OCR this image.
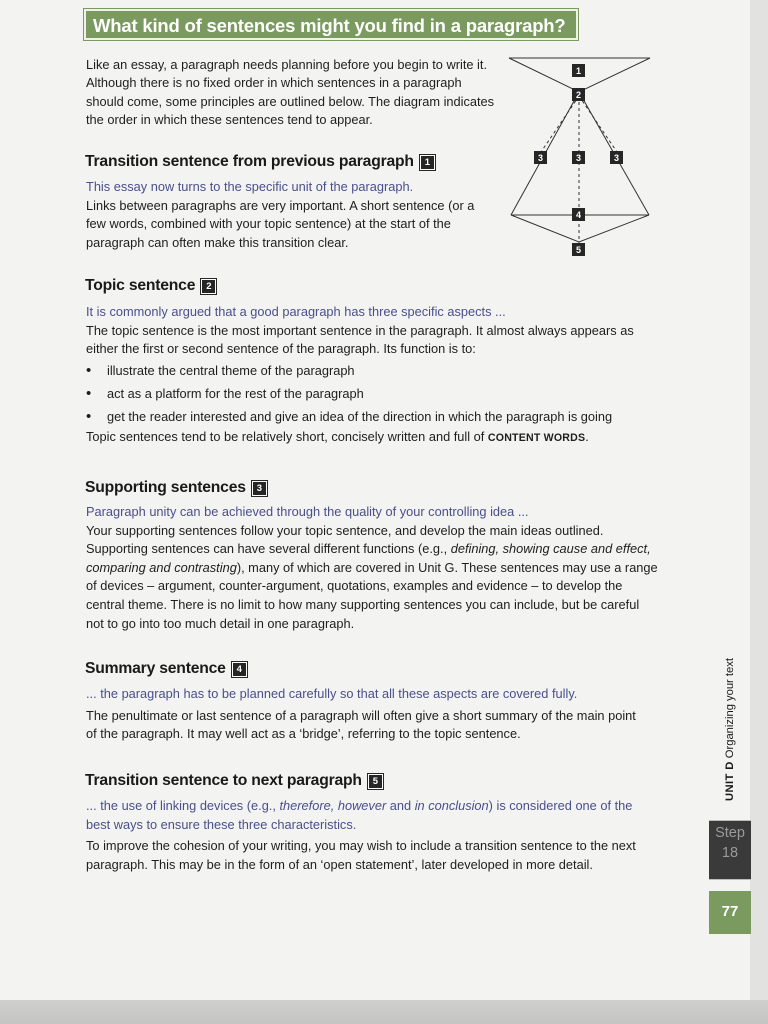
What kind of sentences might you find in a paragraph?
Like an essay, a paragraph needs planning before you begin to write it. Although there is no fixed order in which sentences in a paragraph should come, some principles are outlined below. The diagram indicates the order in which these sentences tend to appear.
1
2
3	3	3
4
5
Transition sentence from previous paragraph 1
This essay now turns to the specific unit of the paragraph.
Links between paragraphs are very important. A short sentence (or a few words, combined with your topic sentence) at the start of the paragraph can often make this transition clear.
Topic sentence 2
It is commonly argued that a good paragraph has three specific aspects ...
The topic sentence is the most important sentence in the paragraph. It almost always appears as either the first or second sentence of the paragraph. Its function is to:
• illustrate the central theme of the paragraph
• act as a platform for the rest of the paragraph
• get the reader interested and give an idea of the direction in which the paragraph is going
Topic sentences tend to be relatively short, concisely written and full of CONTENT WORDS.
Supporting sentences 3
Paragraph unity can be achieved through the quality of your controlling idea ...
Your supporting sentences follow your topic sentence, and develop the main ideas outlined. Supporting sentences can have several different functions (e.g., defining, showing cause and effect, comparing and contrasting), many of which are covered in Unit G. These sentences may use a range of devices – argument, counter-argument, quotations, examples and evidence – to develop the central theme. There is no limit to how many supporting sentences you can include, but be careful not to go into too much detail in one paragraph.
Summary sentence 4
... the paragraph has to be planned carefully so that all these aspects are covered fully.
The penultimate or last sentence of a paragraph will often give a short summary of the main point of the paragraph. It may well act as a ‘bridge’, referring to the topic sentence.
Transition sentence to next paragraph 5
... the use of linking devices (e.g., therefore, however and in conclusion) is considered one of the best ways to ensure these three characteristics.
To improve the cohesion of your writing, you may wish to include a transition sentence to the next paragraph. This may be in the form of an ‘open statement’, later developed in more detail.
UNIT D Organizing your text
Step
18
77
